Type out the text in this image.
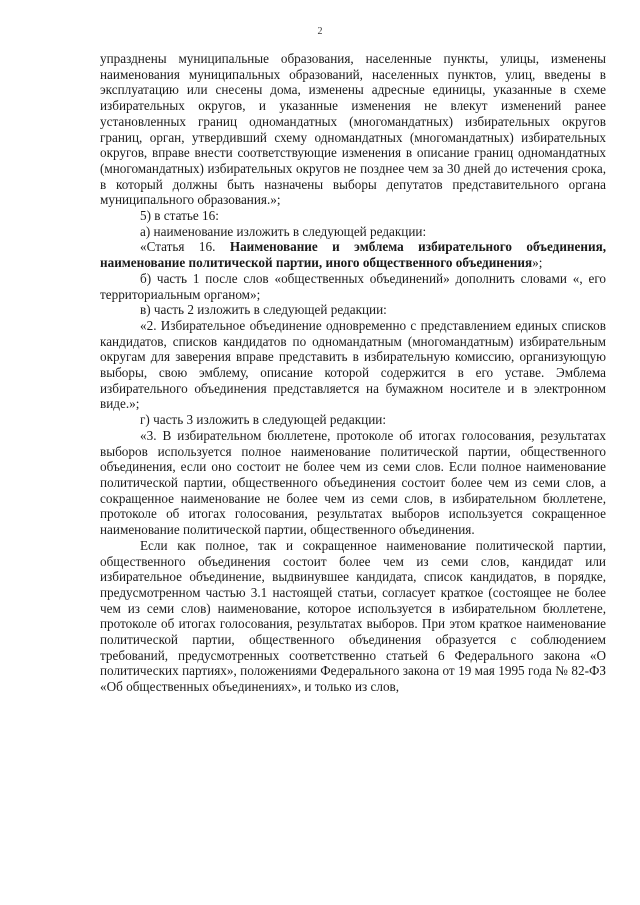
2

упразднены муниципальные образования, населенные пункты, улицы, изменены наименования муниципальных образований, населенных пунктов, улиц, введены в эксплуатацию или снесены дома, изменены адресные единицы, указанные в схеме избирательных округов, и указанные изменения не влекут изменений ранее установленных границ одномандатных (многомандатных) избирательных округов границ, орган, утвердивший схему одномандатных (многомандатных) избирательных округов, вправе внести соответствующие изменения в описание границ одномандатных (многомандатных) избирательных округов не позднее чем за 30 дней до истечения срока, в который должны быть назначены выборы депутатов представительного органа муниципального образования.»;

5) в статье 16:

а) наименование изложить в следующей редакции:

«Статья 16. Наименование и эмблема избирательного объединения, наименование политической партии, иного общественного объединения»;

б) часть 1 после слов «общественных объединений» дополнить словами «, его территориальным органом»;

в) часть 2 изложить в следующей редакции:

«2. Избирательное объединение одновременно с представлением единых списков кандидатов, списков кандидатов по одномандатным (многомандатным) избирательным округам для заверения вправе представить в избирательную комиссию, организующую выборы, свою эмблему, описание которой содержится в его уставе. Эмблема избирательного объединения представляется на бумажном носителе и в электронном виде.»;

г) часть 3 изложить в следующей редакции:

«3. В избирательном бюллетене, протоколе об итогах голосования, результатах выборов используется полное наименование политической партии, общественного объединения, если оно состоит не более чем из семи слов. Если полное наименование политической партии, общественного объединения состоит более чем из семи слов, а сокращенное наименование не более чем из семи слов, в избирательном бюллетене, протоколе об итогах голосования, результатах выборов используется сокращенное наименование политической партии, общественного объединения.

Если как полное, так и сокращенное наименование политической партии, общественного объединения состоит более чем из семи слов, кандидат или избирательное объединение, выдвинувшее кандидата, список кандидатов, в порядке, предусмотренном частью 3.1 настоящей статьи, согласует краткое (состоящее не более чем из семи слов) наименование, которое используется в избирательном бюллетене, протоколе об итогах голосования, результатах выборов. При этом краткое наименование политической партии, общественного объединения образуется с соблюдением требований, предусмотренных соответственно статьей 6 Федерального закона «О политических партиях», положениями Федерального закона от 19 мая 1995 года № 82-ФЗ «Об общественных объединениях», и только из слов,
